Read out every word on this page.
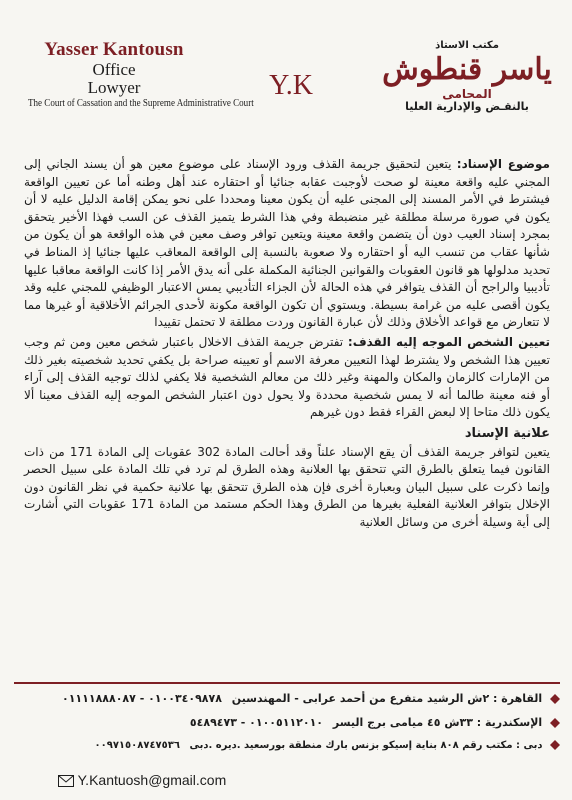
Yasser Kantousn
Office
Lowyer
The Court of Cassation and the Supreme Administrative Court
Y.K
مكتب الاستاذ
ياسر قنطوش
المحامى
بالنقـض والإدارية العليا

موضوع الإسناد: يتعين لتحقيق جريمة القذف ورود الإسناد على موضوع معين هو أن يسند الجاني إلى المجني عليه واقعة معينة لو صحت لأوجبت عقابه جنائيا أو احتقاره عند أهل وطنه أما عن تعيين الواقعة فيشترط في الأمر المسند إلى المجنى عليه أن يكون معينا ومحددا على نحو يمكن إقامة الدليل عليه لا أن يكون في صورة مرسلة مطلقة غير منضبطة وفي هذا الشرط يتميز القذف عن السب فهذا الأخير يتحقق بمجرد إسناد العيب دون أن يتضمن واقعة معينة ويتعين توافر وصف معين في هذه الواقعة هو أن يكون من شأنها عقاب من تنسب اليه أو احتقاره ولا صعوبة بالنسبة إلى الواقعة المعاقب عليها جنائيا إذ المناط في تحديد مدلولها هو قانون العقوبات والقوانين الجنائية المكملة على أنه يدق الأمر إذا كانت الواقعة معاقبا عليها تأديبيا والراجح أن القذف يتوافر في هذه الحالة لأن الجزاء التأديبي يمس الاعتبار الوظيفي للمجني عليه وقد يكون أقصى عليه من غرامة بسيطة. ويستوي أن تكون الواقعة مكونة لأحدى الجرائم الأخلاقية أو غيرها مما لا تتعارض مع قواعد الأخلاق وذلك لأن عبارة القانون وردت مطلقة لا تحتمل تقييدا

تعيين الشخص الموجه إليه القذف: تفترض جريمة القذف الاخلال باعتبار شخص معين ومن ثم وجب تعيين هذا الشخص ولا يشترط لهذا التعيين معرفة الاسم أو تعيينه صراحة بل يكفي تحديد شخصيته بغير ذلك من الإمارات كالزمان والمكان والمهنة وغير ذلك من معالم الشخصية فلا يكفي لذلك توجيه القذف إلى آراء أو فنه معينة طالما أنه لا يمس شخصية محددة ولا يحول دون اعتبار الشخص الموجه إليه القذف معينا ألا يكون ذلك متاحا إلا لبعض القراء فقط دون غيرهم

علانية الإسناد

يتعين لتوافر جريمة القذف أن يقع الإسناد علناً وقد أحالت المادة 302 عقوبات إلى المادة 171 من ذات القانون فيما يتعلق بالطرق التي تتحقق بها العلانية وهذه الطرق لم ترد في تلك المادة على سبيل الحصر وإنما ذكرت على سبيل البيان وبعبارة أخرى فإن هذه الطرق تتحقق بها علانية حكمية في نظر القانون دون الإخلال بتوافر العلانية الفعلية بغيرها من الطرق وهذا الحكم مستمد من المادة 171 عقوبات التي أشارت إلى أية وسيلة أخرى من وسائل العلانية

القاهرة : ٢ش الرشيد متفرع من أحمد عرابى - المهندسين ٠١٠٠٣٤٠٩٨٧٨ - ٠١١١١٨٨٨٠٨٧
الإسكندرية : ٣٣ش ٤٥ ميامى برج اليسر ٠١٠٠٥١١٢٠١٠ - ٥٤٨٩٤٧٣
دبى : مكتب رقم ٨٠٨ بناية إسيكو بزنس بارك منطقة بورسعيد .ديره .دبى ٠٠٩٧١٥٠٨٧٤٧٥٣٦
Y.Kantuosh@gmail.com
